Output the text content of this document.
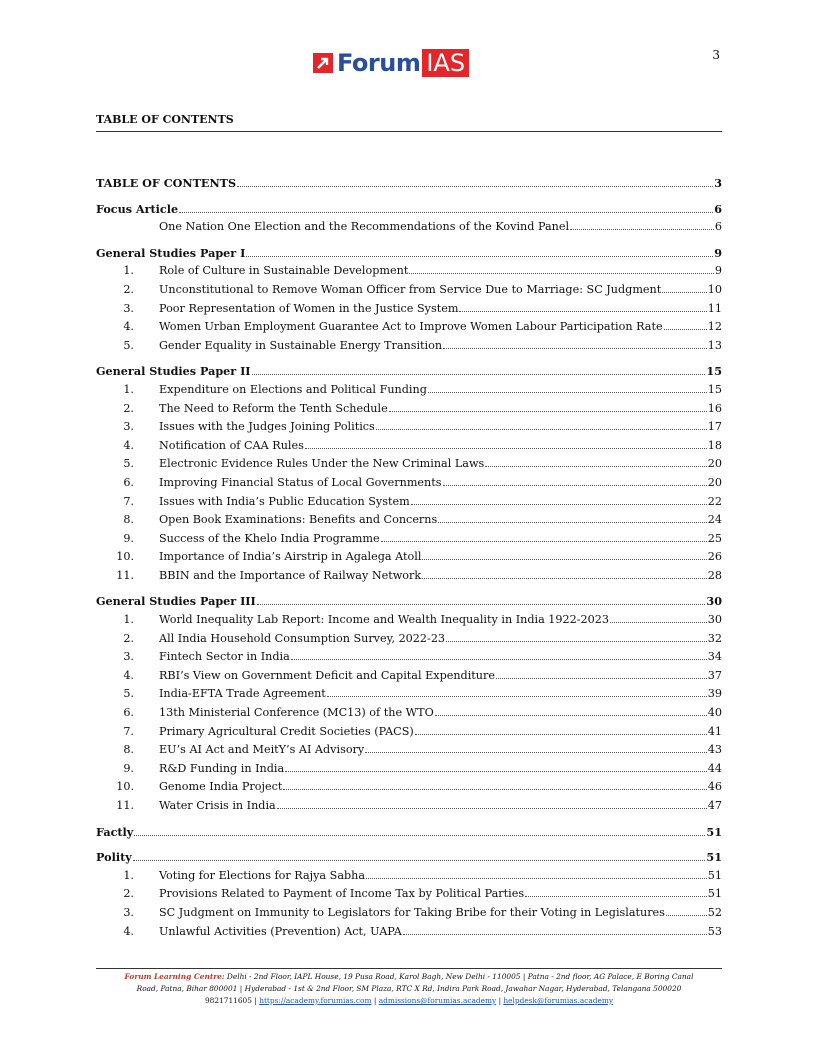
Forum IAS	3
TABLE OF CONTENTS
TABLE OF CONTENTS	3
Focus Article	6
One Nation One Election and the Recommendations of the Kovind Panel	6
General Studies Paper I	9
1.	Role of Culture in Sustainable Development	9
2.	Unconstitutional to Remove Woman Officer from Service Due to Marriage: SC Judgment	10
3.	Poor Representation of Women in the Justice System	11
4.	Women Urban Employment Guarantee Act to Improve Women Labour Participation Rate	12
5.	Gender Equality in Sustainable Energy Transition	13
General Studies Paper II	15
1.	Expenditure on Elections and Political Funding	15
2.	The Need to Reform the Tenth Schedule	16
3.	Issues with the Judges Joining Politics	17
4.	Notification of CAA Rules	18
5.	Electronic Evidence Rules Under the New Criminal Laws	20
6.	Improving Financial Status of Local Governments	20
7.	Issues with India’s Public Education System	22
8.	Open Book Examinations: Benefits and Concerns	24
9.	Success of the Khelo India Programme	25
10.	Importance of India’s Airstrip in Agalega Atoll	26
11.	BBIN and the Importance of Railway Network	28
General Studies Paper III	30
1.	World Inequality Lab Report: Income and Wealth Inequality in India 1922-2023	30
2.	All India Household Consumption Survey, 2022-23	32
3.	Fintech Sector in India	34
4.	RBI’s View on Government Deficit and Capital Expenditure	37
5.	India-EFTA Trade Agreement	39
6.	13th Ministerial Conference (MC13) of the WTO	40
7.	Primary Agricultural Credit Societies (PACS)	41
8.	EU’s AI Act and MeitY’s AI Advisory	43
9.	R&D Funding in India	44
10.	Genome India Project	46
11.	Water Crisis in India	47
Factly	51
Polity	51
1.	Voting for Elections for Rajya Sabha	51
2.	Provisions Related to Payment of Income Tax by Political Parties	51
3.	SC Judgment on Immunity to Legislators for Taking Bribe for their Voting in Legislatures	52
4.	Unlawful Activities (Prevention) Act, UAPA	53
Forum Learning Centre: Delhi - 2nd Floor, IAPL House, 19 Pusa Road, Karol Bagh, New Delhi - 110005 | Patna - 2nd floor, AG Palace, E Boring Canal
Road, Patna, Bihar 800001 | Hyderabad - 1st & 2nd Floor, SM Plaza, RTC X Rd, Indira Park Road, Jawahar Nagar, Hyderabad, Telangana 500020
9821711605 | https://academy.forumias.com | admissions@forumias.academy | helpdesk@forumias.academy
